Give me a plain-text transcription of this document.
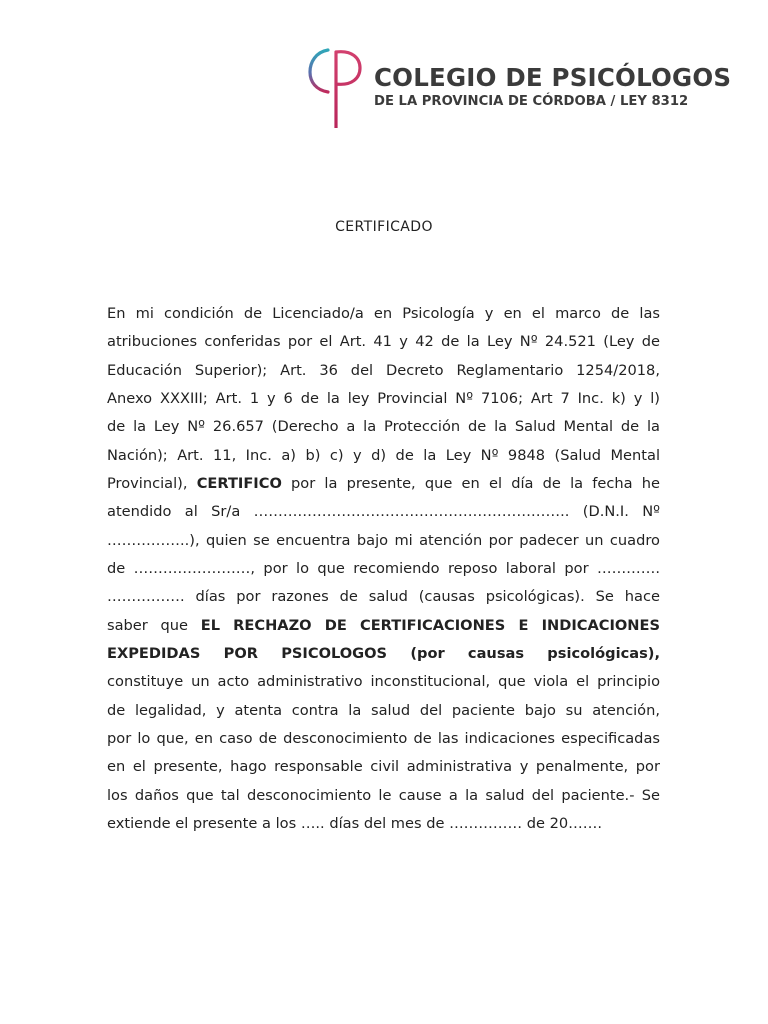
COLEGIO DE PSICÓLOGOS
DE LA PROVINCIA DE CÓRDOBA / LEY 8312
CERTIFICADO
En mi condición de Licenciado/a en Psicología y en el marco de las
atribuciones conferidas por el Art. 41 y 42 de la Ley Nº 24.521 (Ley de
Educación Superior); Art. 36 del Decreto Reglamentario 1254/2018,
Anexo XXXIII; Art. 1 y 6 de la ley Provincial Nº 7106; Art 7 Inc. k) y l)
de la Ley Nº 26.657 (Derecho a la Protección de la Salud Mental de la
Nación); Art. 11, Inc. a) b) c) y d) de la Ley Nº 9848 (Salud Mental
Provincial), CERTIFICO por la presente, que en el día de la fecha he
atendido al Sr/a ……………………………………………………….. (D.N.I. Nº
……………..), quien se encuentra bajo mi atención por padecer un cuadro
de ……………………, por lo que recomiendo reposo laboral por ………….
……………. días por razones de salud (causas psicológicas). Se hace
saber que EL RECHAZO DE CERTIFICACIONES E INDICACIONES
EXPEDIDAS POR PSICOLOGOS (por causas psicológicas),
constituye un acto administrativo inconstitucional, que viola el principio
de legalidad, y atenta contra la salud del paciente bajo su atención,
por lo que, en caso de desconocimiento de las indicaciones especificadas
en el presente, hago responsable civil administrativa y penalmente, por
los daños que tal desconocimiento le cause a la salud del paciente.- Se
extiende el presente a los ….. días del mes de …………… de 20…….
